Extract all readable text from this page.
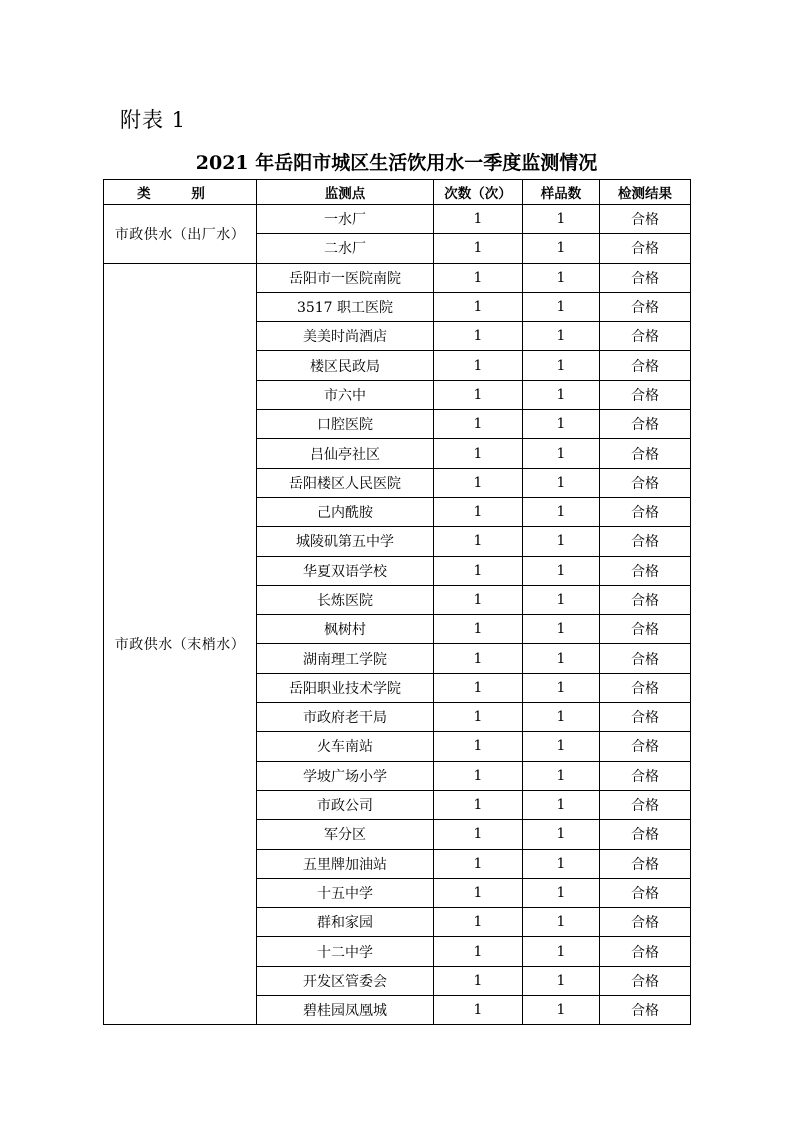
附表 1
2021 年岳阳市城区生活饮用水一季度监测情况
类 别	监测点	次数（次）	样品数	检测结果
市政供水（出厂水）	一水厂	1	1	合格
	二水厂	1	1	合格
市政供水（末梢水）	岳阳市一医院南院	1	1	合格
	3517 职工医院	1	1	合格
	美美时尚酒店	1	1	合格
	楼区民政局	1	1	合格
	市六中	1	1	合格
	口腔医院	1	1	合格
	吕仙亭社区	1	1	合格
	岳阳楼区人民医院	1	1	合格
	己内酰胺	1	1	合格
	城陵矶第五中学	1	1	合格
	华夏双语学校	1	1	合格
	长炼医院	1	1	合格
	枫树村	1	1	合格
	湖南理工学院	1	1	合格
	岳阳职业技术学院	1	1	合格
	市政府老干局	1	1	合格
	火车南站	1	1	合格
	学坡广场小学	1	1	合格
	市政公司	1	1	合格
	军分区	1	1	合格
	五里牌加油站	1	1	合格
	十五中学	1	1	合格
	群和家园	1	1	合格
	十二中学	1	1	合格
	开发区管委会	1	1	合格
	碧桂园凤凰城	1	1	合格
